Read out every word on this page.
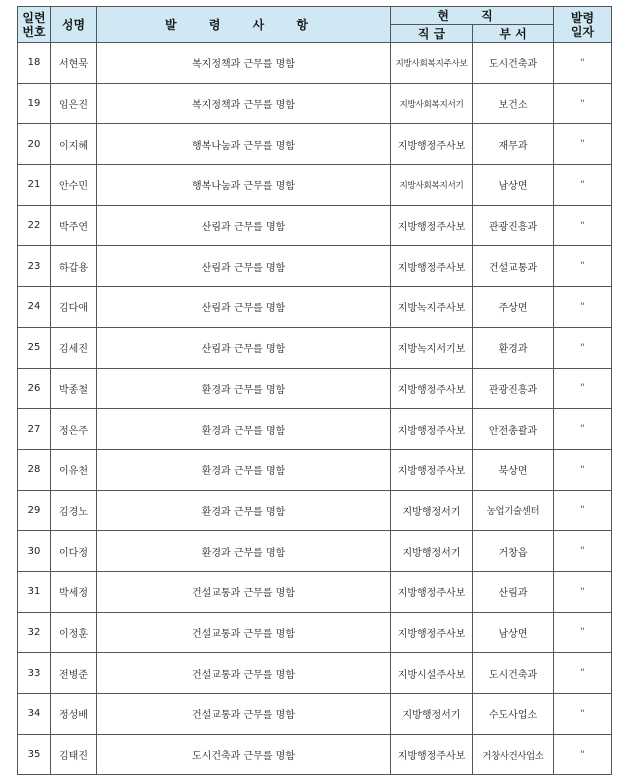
일련
번호	성명	발 령 사 항	현 직		발령
일자
			직 급	부 서	
18	서현묵	복지정책과 근무를 명함	지방사회복지주사보	도시건축과	"
19	임은진	복지정책과 근무를 명함	지방사회복지서기	보건소	"
20	이지혜	행복나눔과 근무를 명함	지방행정주사보	재무과	"
21	안수민	행복나눔과 근무를 명함	지방사회복지서기	남상면	"
22	박주연	산림과 근무를 명함	지방행정주사보	관광진흥과	"
23	하갑용	산림과 근무를 명함	지방행정주사보	건설교통과	"
24	김다애	산림과 근무를 명함	지방녹지주사보	주상면	"
25	김세진	산림과 근무를 명함	지방녹지서기보	환경과	"
26	박종철	환경과 근무를 명함	지방행정주사보	관광진흥과	"
27	정은주	환경과 근무를 명함	지방행정주사보	안전총괄과	"
28	이유천	환경과 근무를 명함	지방행정주사보	북상면	"
29	김경노	환경과 근무를 명함	지방행정서기	농업기술센터	"
30	이다정	환경과 근무를 명함	지방행정서기	거창읍	"
31	박세정	건설교통과 근무를 명함	지방행정주사보	산림과	"
32	이정훈	건설교통과 근무를 명함	지방행정주사보	남상면	"
33	전병준	건설교통과 근무를 명함	지방시설주사보	도시건축과	"
34	정성배	건설교통과 근무를 명함	지방행정서기	수도사업소	"
35	김태진	도시건축과 근무를 명함	지방행정주사보	거창사건사업소	"
